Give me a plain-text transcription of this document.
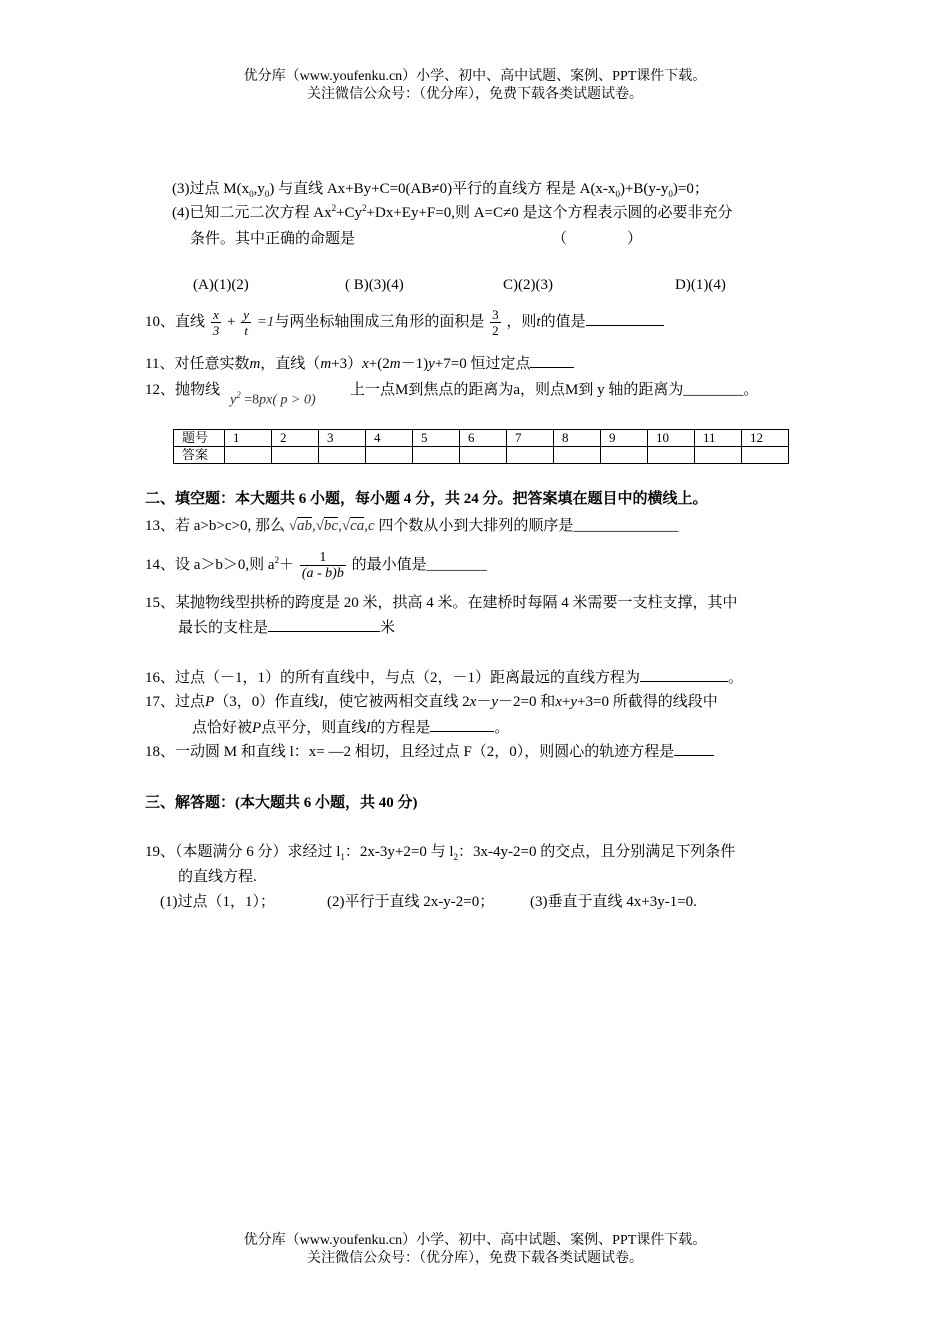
优分库（www.youfenku.cn）小学、初中、高中试题、案例、PPT课件下载。
关注微信公众号：（优分库），免费下载各类试题试卷。
(3)过点 $M(x_0,y_0)$ 与直线 Ax+By+C=0(AB≠0)平行的直线方 程是 $A(x-x_0)+B(y-y_0)=0$；
(4)已知二元二次方程 $Ax^2+Cy^2+Dx+Ey+F=0$,则 A=C≠0 是这个方程表示圆的必要非充分
条件。其中正确的命题是	（　　　　）
(A)(1)(2)	( B)(3)(4)	C)(2)(3)	D)(1)(4)
10、直线 $\frac{x}{3} + \frac{y}{t} =1$与两坐标轴围成三角形的面积是 $\frac{3}{2}$ ，则t的值是
11、对任意实数m，直线（m+3）x+(2m－1)y+7=0 恒过定点
12、抛物线
$y^2 =8px$( p > 0)
上一点M到焦点的距离为a，则点M到 y 轴的距离为________。
题号	1	2	3	4	5	6	7	8	9	10	11	12
答案												
二、填空题：本大题共 6 小题，每小题 4 分，共 24 分。把答案填在题目中的横线上。
13、若 a>b>c>0, 那么 √ab,√bc,√ca,c 四个数从小到大排列的顺序是______________
14、设 a＞b＞0,则 $a^2+ \frac{1}{(a - b)b}$ 的最小值是________
15、某抛物线型拱桥的跨度是 20 米，拱高 4 米。在建桥时每隔 4 米需要一支柱支撑，其中
最长的支柱是	米
16、过点（－1，1）的所有直线中，与点（2，－1）距离最远的直线方程为	。
17、过点P（3，0）作直线l，使它被两相交直线 2x－y－2=0 和x+y+3=0 所截得的线段中
点恰好被P点平分，则直线l的方程是	。
18、一动圆 M 和直线 l：x= —2 相切，且经过点 F（2，0），则圆心的轨迹方程是
三、解答题：(本大题共 6 小题，共 40 分)
19、（本题满分 6 分）求经过 $l_1$：2x-3y+2=0 与 $l_2$：3x-4y-2=0 的交点，且分别满足下列条件
的直线方程.
(1)过点（1，1）；	(2)平行于直线 2x-y-2=0； (3)垂直于直线 4x+3y-1=0.
优分库（www.youfenku.cn）小学、初中、高中试题、案例、PPT课件下载。
关注微信公众号：（优分库），免费下载各类试题试卷。
